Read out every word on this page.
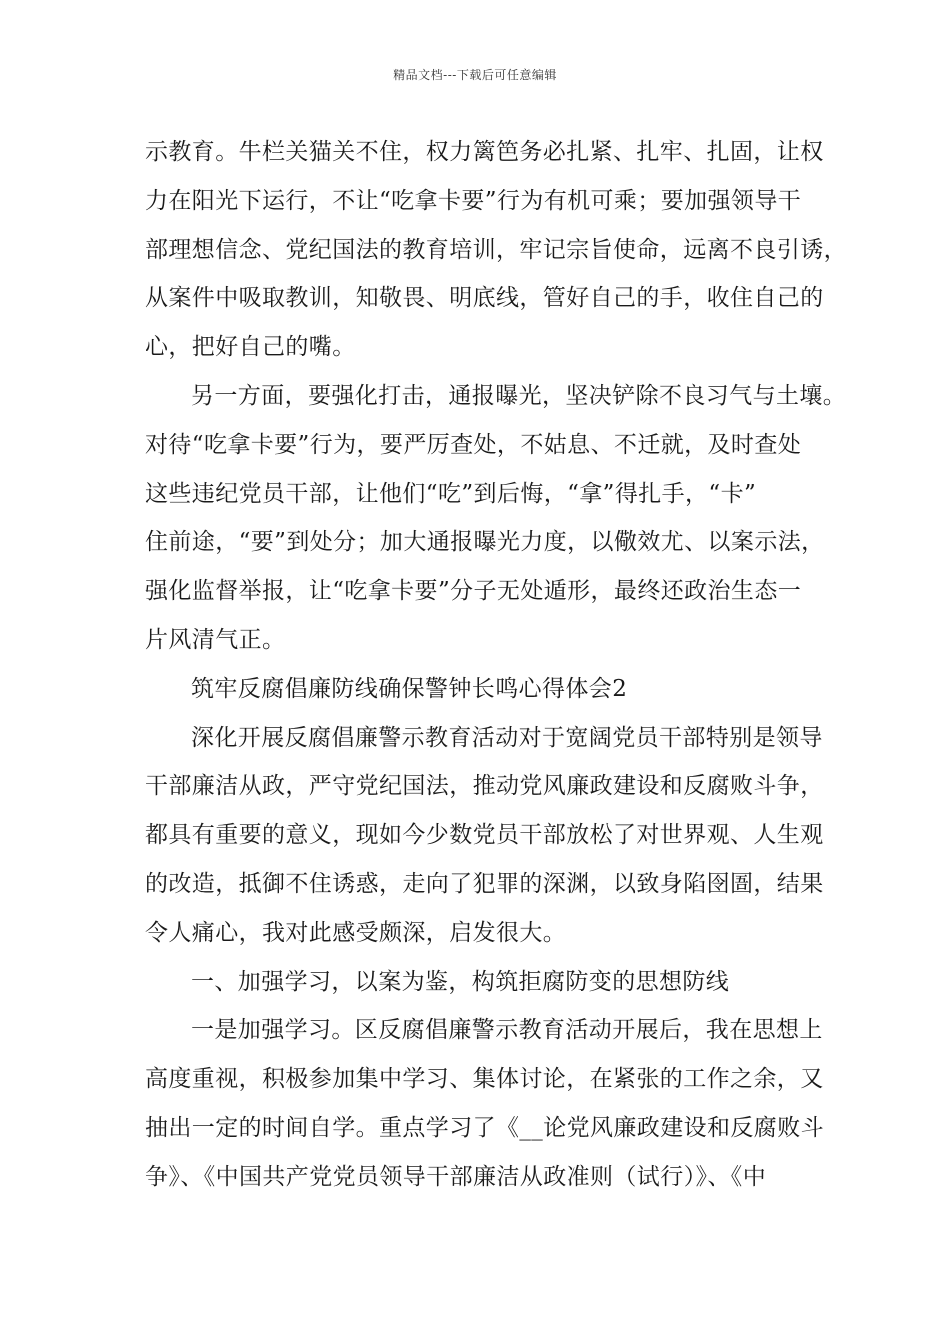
精品文档---下载后可任意编辑
示教育。牛栏关猫关不住，权力篱笆务必扎紧、扎牢、扎固，让权
力在阳光下运行，不让“吃拿卡要”行为有机可乘；要加强领导干
部理想信念、党纪国法的教育培训，牢记宗旨使命，远离不良引诱，
从案件中吸取教训，知敬畏、明底线，管好自己的手，收住自己的
心，把好自己的嘴。
另一方面，要强化打击，通报曝光，坚决铲除不良习气与土壤。
对待“吃拿卡要”行为，要严厉查处，不姑息、不迁就，及时查处
这些违纪党员干部，让他们“吃”到后悔，“拿”得扎手，“卡”
住前途，“要”到处分；加大通报曝光力度，以儆效尤、以案示法，
强化监督举报，让“吃拿卡要”分子无处遁形，最终还政治生态一
片风清气正。
筑牢反腐倡廉防线确保警钟长鸣心得体会2
深化开展反腐倡廉警示教育活动对于宽阔党员干部特别是领导
干部廉洁从政，严守党纪国法，推动党风廉政建设和反腐败斗争，
都具有重要的意义，现如今少数党员干部放松了对世界观、人生观
的改造，抵御不住诱惑，走向了犯罪的深渊，以致身陷囹圄，结果
令人痛心，我对此感受颇深，启发很大。
一、加强学习，以案为鉴，构筑拒腐防变的思想防线
一是加强学习。区反腐倡廉警示教育活动开展后，我在思想上
高度重视，积极参加集中学习、集体讨论，在紧张的工作之余，又
抽出一定的时间自学。重点学习了《__论党风廉政建设和反腐败斗
争》、《中国共产党党员领导干部廉洁从政准则（试行）》、《中
